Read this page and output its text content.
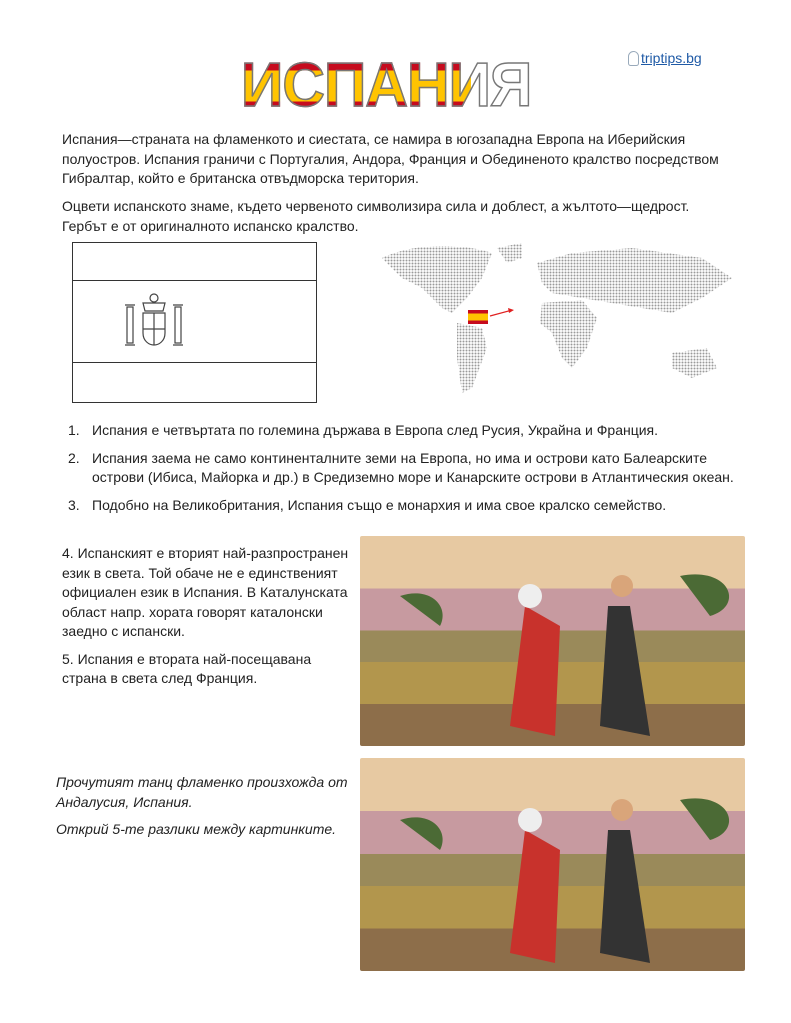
ИСПАНИЯ	triptips.bg

Испания—страната на фламенкото и сиестата, се намира в югозападна Европа на Иберийския полуостров. Испания граничи с Португалия, Андора, Франция и Обединеното кралство посредством Гибралтар, който е британска отвъдморска територия.

Оцвети испанското знаме, където червеното символизира сила и доблест, а жълтото—щедрост. Гербът е от оригиналното испанско кралство.

1. Испания е четвъртата по големина държава в Европа след Русия, Украйна и Франция.
2. Испания заема не само континенталните земи на Европа, но има и острови като Балеарските острови (Ибиса, Майорка и др.) в Средиземно море и Канарските острови в Атлантическия океан.
3. Подобно на Великобритания, Испания също е монархия и има свое кралско семейство.

4. Испанският е вторият най-разпространен език в света. Той обаче не е единственият официален език в Испания. В Каталунската област напр. хората говорят каталонски заедно с испански.

5. Испания е втората най-посещавана страна в света след Франция.

Прочутият танц фламенко произхожда от Андалусия, Испания.

Открий 5-те разлики между картинките.
